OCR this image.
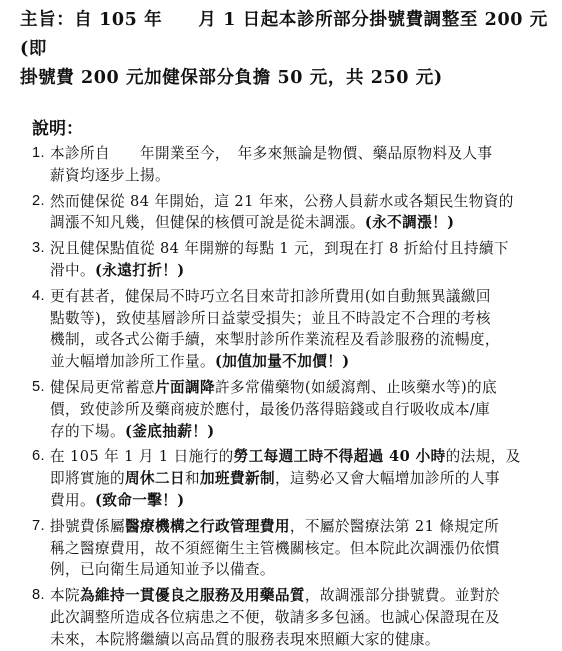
主旨：自 105 年　　月 1 日起本診所部分掛號費調整至 200 元(即
掛號費 200 元加健保部分負擔 50 元，共 250 元)
說明：
1. 本診所自　　年開業至今，　年多來無論是物價、藥品原物料及人事
薪資均逐步上揚。
2. 然而健保從 84 年開始，這 21 年來，公務人員薪水或各類民生物資的
調漲不知凡幾，但健保的核價可說是從未調漲。(永不調漲！)
3. 況且健保點值從 84 年開辦的每點 1 元，到現在打 8 折給付且持續下
滑中。(永遠打折！)
4. 更有甚者，健保局不時巧立名目來苛扣診所費用(如自動無異議繳回
點數等)，致使基層診所日益蒙受損失；並且不時設定不合理的考核
機制，或各式公衛手續，來掣肘診所作業流程及看診服務的流暢度，
並大幅增加診所工作量。(加值加量不加價！)
5. 健保局更常蓄意片面調降許多常備藥物(如緩瀉劑、止咳藥水等)的底
價，致使診所及藥商疲於應付，最後仍落得賠錢或自行吸收成本/庫
存的下場。(釜底抽薪！)
6. 在 105 年 1 月 1 日施行的勞工每週工時不得超過 40 小時的法規，及
即將實施的周休二日和加班費新制，這勢必又會大幅增加診所的人事
費用。(致命一擊！)
7. 掛號費係屬醫療機構之行政管理費用，不屬於醫療法第 21 條規定所
稱之醫療費用，故不須經衛生主管機關核定。但本院此次調漲仍依慣
例，已向衛生局通知並予以備查。
8. 本院為維持一貫優良之服務及用藥品質，故調漲部分掛號費。並對於
此次調整所造成各位病患之不便，敬請多多包涵。也誠心保證現在及
未來，本院將繼續以高品質的服務表現來照顧大家的健康。
